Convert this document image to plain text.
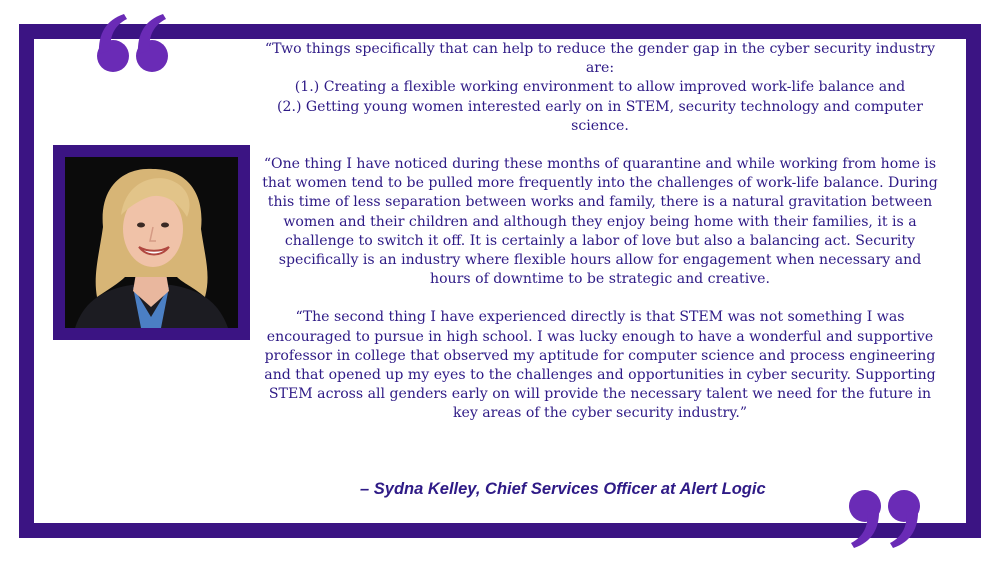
“Two things specifically that can help to reduce the gender gap in the cyber security industry are:

(1.) Creating a flexible working environment to allow improved work-life balance and

(2.) Getting young women interested early on in STEM, security technology and computer science.

“One thing I have noticed during these months of quarantine and while working from home is that women tend to be pulled more frequently into the challenges of work-life balance. During this time of less separation between works and family, there is a natural gravitation between women and their children and although they enjoy being home with their families, it is a challenge to switch it off. It is certainly a labor of love but also a balancing act. Security specifically is an industry where flexible hours allow for engagement when necessary and hours of downtime to be strategic and creative.

“The second thing I have experienced directly is that STEM was not something I was encouraged to pursue in high school. I was lucky enough to have a wonderful and supportive professor in college that observed my aptitude for computer science and process engineering and that opened up my eyes to the challenges and opportunities in cyber security. Supporting STEM across all genders early on will provide the necessary talent we need for the future in key areas of the cyber security industry.”

– Sydna Kelley, Chief Services Officer at Alert Logic
